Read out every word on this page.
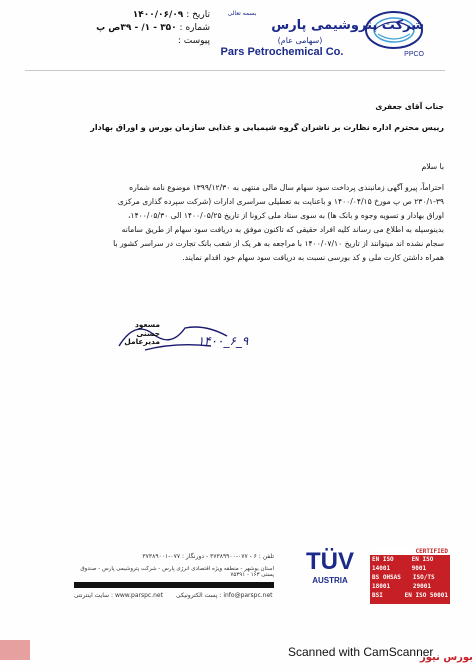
PPCO
بسمه تعالی
شرکت پتروشیمی پارس
(سهامی عام)
Pars Petrochemical Co.
تاریخ : ۱۴۰۰/۰۶/۰۹
شماره : ۳۵۰ - ۱/ - ۳۹ص پ
پیوست :
جناب آقای جعفری
رییس محترم اداره نظارت بر ناشران گروه شیمیایی و غذایی سازمان بورس و اوراق بهادار
با سلام
احتراماً، پیرو آگهی زمانبندی پرداخت سود سهام سال مالی منتهی به ۱۳۹۹/۱۲/۳۰ موضوع نامه شماره
۲۳۰/۱-۳۹ ص پ مورخ ۱۴۰۰/۰۴/۱۵ و باعنایت به تعطیلی سراسری ادارات (شرکت سپرده گذاری مرکزی
اوراق بهادار و تسویه وجوه و بانک ها) به سوی ستاد ملی کرونا از تاریخ ۱۴۰۰/۰۵/۲۵ الی ۱۴۰۰/۰۵/۳۰،
بدینوسیله به اطلاع می رساند کلیه افراد حقیقی که تاکنون موفق به دریافت سود سهام از طریق سامانه
سجام نشده اند میتوانند از تاریخ ۱۴۰۰/۰۷/۱۰ با مراجعه به هر یک از شعب بانک تجارت در سراسر کشور با
همراه داشتن کارت ملی و کد بورسی نسبت به دریافت سود سهام خود اقدام نمایند.
مسعود حسنی
مدیرعامل	۱۴۰۰_۶_۹
تلفن : ۶ - ۰۷۷-۳۷۳۸۹۹۰۰ - دورنگار : ۰۷۷-۳۷۳۸۹۰۰۱
استان بوشهر - منطقه ویژه اقتصادی انرژی پارس - شرکت پتروشیمی پارس - صندوق پستی ۱۶۳ - ۷۵۳۹۱
سایت اینترنتی : www.parspc.net	پست الکترونیکی : info@parspc.net
TÜV
AUSTRIA
CERTIFIED
EN ISO 14001
EN ISO 9001
BS OHSAS 18001
ISO/TS 29001
BSI	EN ISO 50001
Scanned with CamScanner
بورس نیوز
